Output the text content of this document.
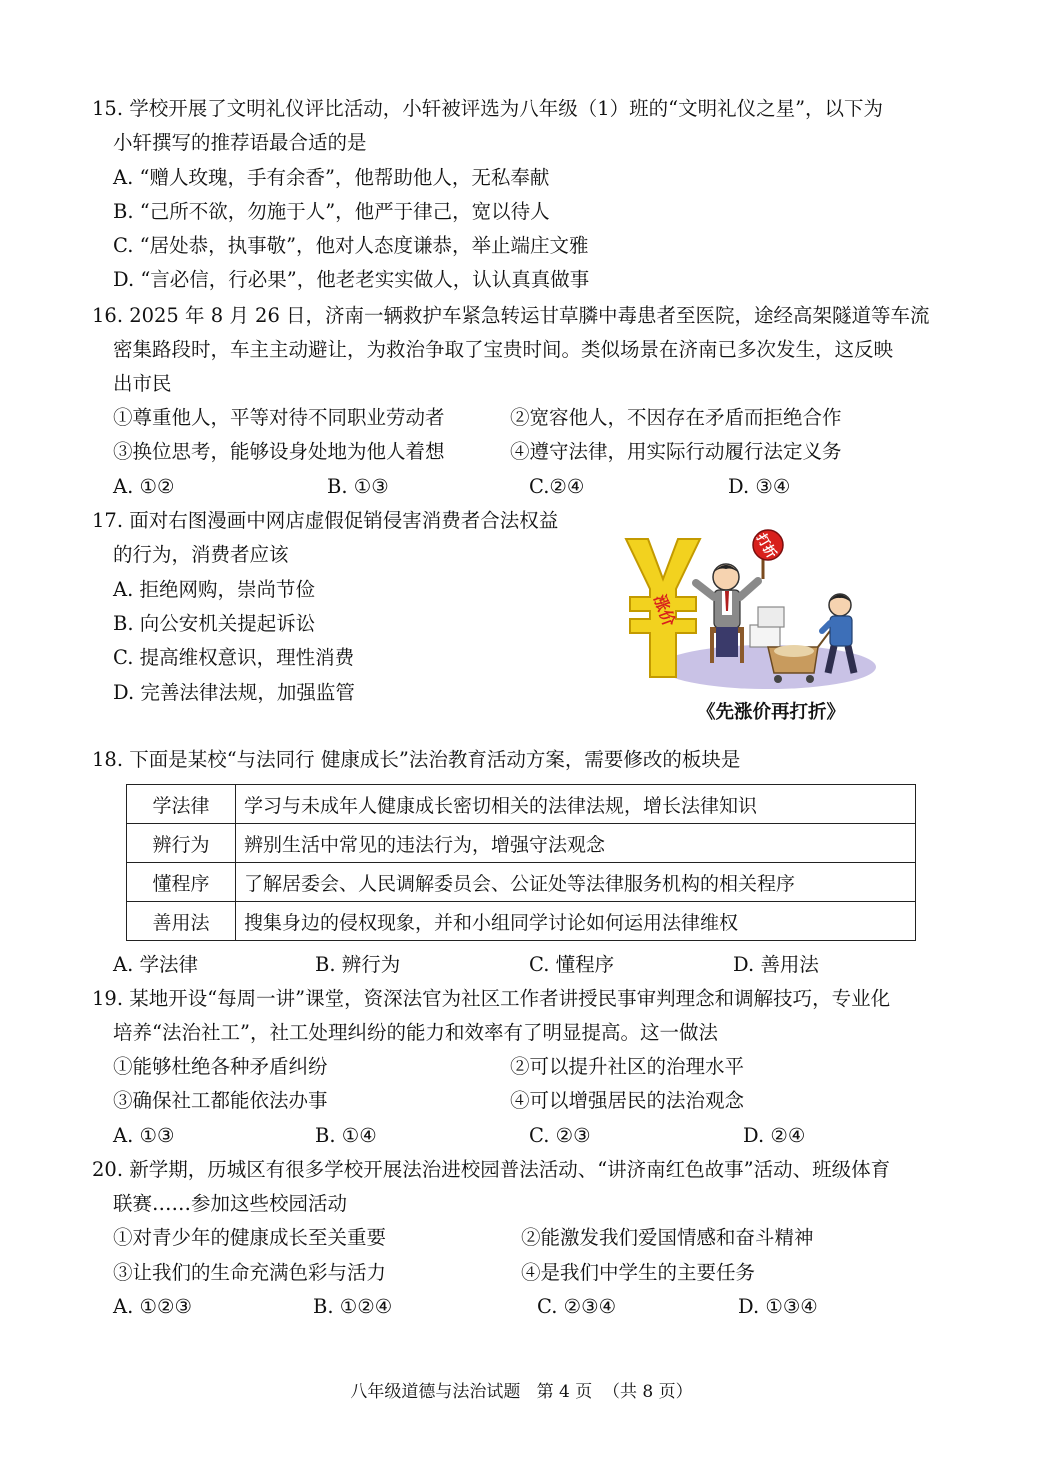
15. 学校开展了文明礼仪评比活动，小轩被评选为八年级（1）班的“文明礼仪之星”，以下为
小轩撰写的推荐语最合适的是
A. “赠人玫瑰，手有余香”，他帮助他人，无私奉献
B. “己所不欲，勿施于人”，他严于律己，宽以待人
C. “居处恭，执事敬”，他对人态度谦恭，举止端庄文雅
D. “言必信，行必果”，他老老实实做人，认认真真做事
16. 2025 年 8 月 26 日，济南一辆救护车紧急转运甘草膦中毒患者至医院，途经高架隧道等车流
密集路段时，车主主动避让，为救治争取了宝贵时间。类似场景在济南已多次发生，这反映
出市民
①尊重他人，平等对待不同职业劳动者	②宽容他人，不因存在矛盾而拒绝合作
③换位思考，能够设身处地为他人着想	④遵守法律，用实际行动履行法定义务
A. ①②	B. ①③	C.②④	D. ③④
17. 面对右图漫画中网店虚假促销侵害消费者合法权益
的行为，消费者应该
A. 拒绝网购，崇尚节俭
B. 向公安机关提起诉讼
C. 提高维权意识，理性消费
D. 完善法律法规，加强监管
涨价
打折
《先涨价再打折》
18. 下面是某校“与法同行 健康成长”法治教育活动方案，需要修改的板块是
学法律	学习与未成年人健康成长密切相关的法律法规，增长法律知识
辨行为	辨别生活中常见的违法行为，增强守法观念
懂程序	了解居委会、人民调解委员会、公证处等法律服务机构的相关程序
善用法	搜集身边的侵权现象，并和小组同学讨论如何运用法律维权
A. 学法律	B. 辨行为	C. 懂程序	D. 善用法
19. 某地开设“每周一讲”课堂，资深法官为社区工作者讲授民事审判理念和调解技巧，专业化
培养“法治社工”，社工处理纠纷的能力和效率有了明显提高。这一做法
①能够杜绝各种矛盾纠纷	②可以提升社区的治理水平
③确保社工都能依法办事	④可以增强居民的法治观念
A. ①③	B. ①④	C. ②③	D. ②④
20. 新学期，历城区有很多学校开展法治进校园普法活动、“讲济南红色故事”活动、班级体育
联赛……参加这些校园活动
①对青少年的健康成长至关重要	②能激发我们爱国情感和奋斗精神
③让我们的生命充满色彩与活力	④是我们中学生的主要任务
A. ①②③	B. ①②④	C. ②③④	D. ①③④
八年级道德与法治试题   第 4 页  （共 8 页）
